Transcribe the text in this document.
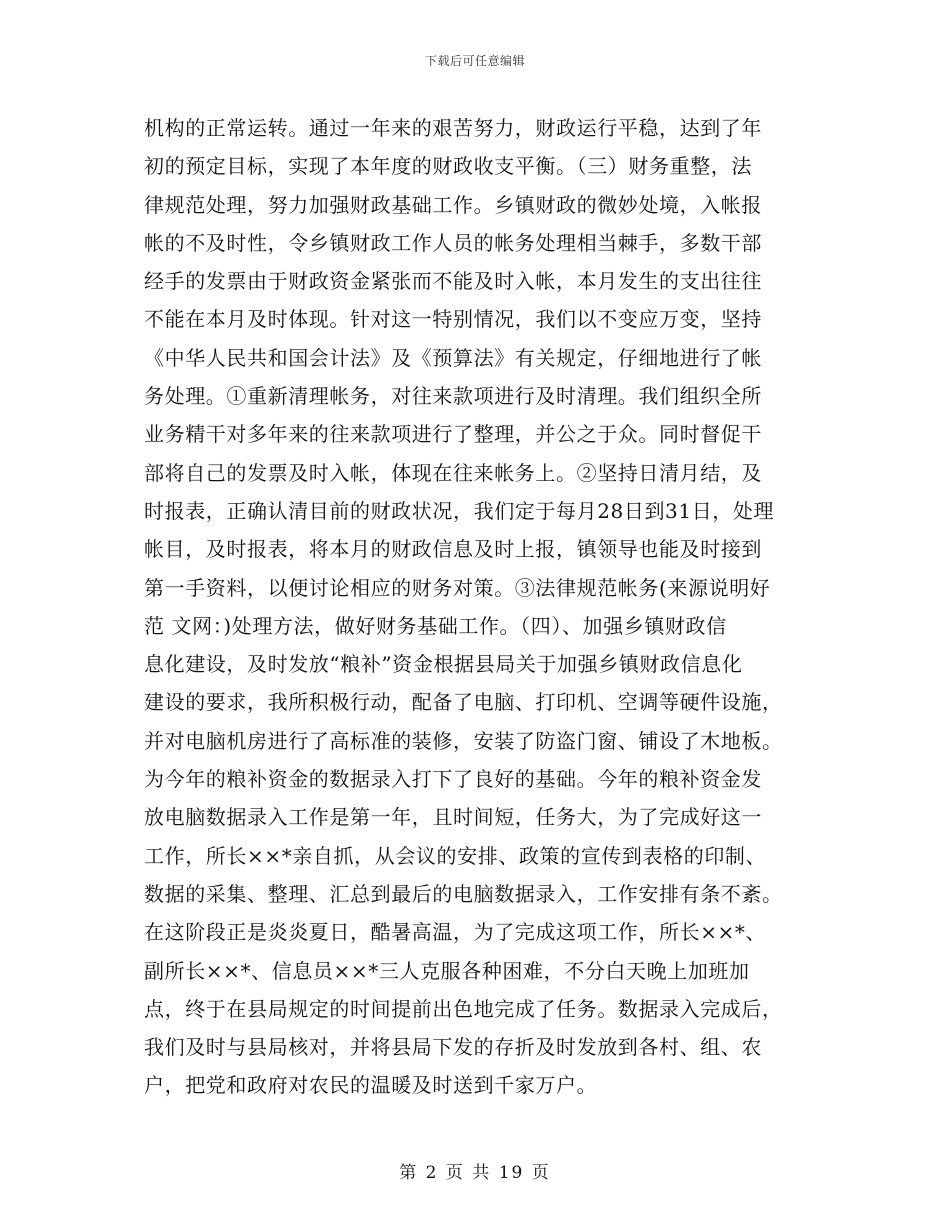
下载后可任意编辑
机构的正常运转。通过一年来的艰苦努力，财政运行平稳，达到了年
初的预定目标，实现了本年度的财政收支平衡。（三）财务重整，法
律规范处理，努力加强财政基础工作。乡镇财政的微妙处境，入帐报
帐的不及时性，令乡镇财政工作人员的帐务处理相当棘手，多数干部
经手的发票由于财政资金紧张而不能及时入帐，本月发生的支出往往
不能在本月及时体现。针对这一特别情况，我们以不变应万变，坚持
《中华人民共和国会计法》及《预算法》有关规定，仔细地进行了帐
务处理。①重新清理帐务，对往来款项进行及时清理。我们组织全所
业务精干对多年来的往来款项进行了整理，并公之于众。同时督促干
部将自己的发票及时入帐，体现在往来帐务上。②坚持日清月结，及
时报表，正确认清目前的财政状况，我们定于每月28日到31日，处理
帐目，及时报表，将本月的财政信息及时上报，镇领导也能及时接到
第一手资料，以便讨论相应的财务对策。③法律规范帐务(来源说明好
范 文网：)处理方法，做好财务基础工作。（四）、加强乡镇财政信
息化建设，及时发放“粮补”资金根据县局关于加强乡镇财政信息化
建设的要求，我所积极行动，配备了电脑、打印机、空调等硬件设施，
并对电脑机房进行了高标准的装修，安装了防盗门窗、铺设了木地板。
为今年的粮补资金的数据录入打下了良好的基础。今年的粮补资金发
放电脑数据录入工作是第一年，且时间短，任务大，为了完成好这一
工作，所长××*亲自抓，从会议的安排、政策的宣传到表格的印制、
数据的采集、整理、汇总到最后的电脑数据录入，工作安排有条不紊。
在这阶段正是炎炎夏日，酷暑高温，为了完成这项工作，所长××*、
副所长××*、信息员××*三人克服各种困难，不分白天晚上加班加
点，终于在县局规定的时间提前出色地完成了任务。数据录入完成后，
我们及时与县局核对，并将县局下发的存折及时发放到各村、组、农
户，把党和政府对农民的温暖及时送到千家万户。
第 2 页 共 19 页
